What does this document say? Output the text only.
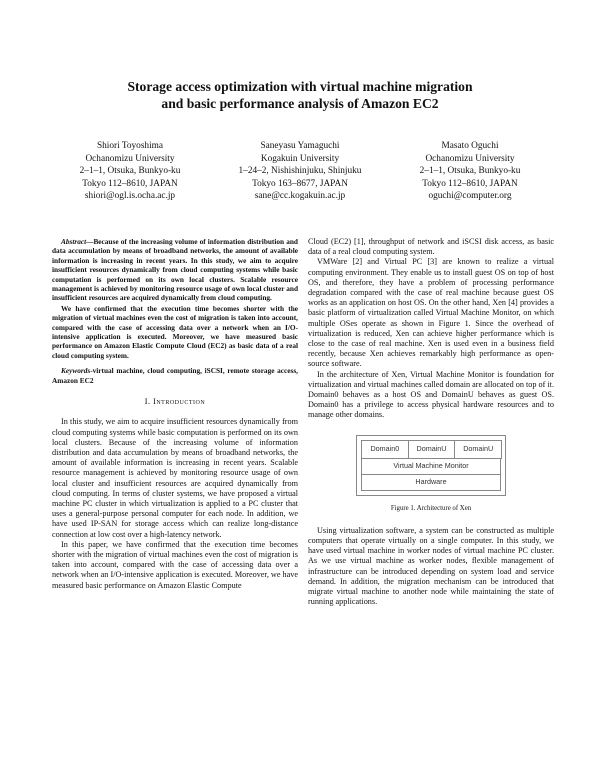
Storage access optimization with virtual machine migration
and basic performance analysis of Amazon EC2
Shiori Toyoshima
Ochanomizu University
2–1–1, Otsuka, Bunkyo-ku
Tokyo 112–8610, JAPAN
shiori@ogl.is.ocha.ac.jp
Saneyasu Yamaguchi
Kogakuin University
1–24–2, Nishishinjuku, Shinjuku
Tokyo 163–8677, JAPAN
sane@cc.kogakuin.ac.jp
Masato Oguchi
Ochanomizu University
2–1–1, Otsuka, Bunkyo-ku
Tokyo 112–8610, JAPAN
oguchi@computer.org

Abstract—Because of the increasing volume of information distribution and data accumulation by means of broadband networks, the amount of available information is increasing in recent years. In this study, we aim to acquire insufficient resources dynamically from cloud computing systems while basic computation is performed on its own local clusters. Scalable resource management is achieved by monitoring resource usage of own local cluster and insufficient resources are acquired dynamically from cloud computing.

We have confirmed that the execution time becomes shorter with the migration of virtual machines even the cost of migration is taken into account, compared with the case of accessing data over a network when an I/O-intensive application is executed. Moreover, we have measured basic performance on Amazon Elastic Compute Cloud (EC2) as basic data of a real cloud computing system.

Keywords-virtual machine, cloud computing, iSCSI, remote storage access, Amazon EC2

I. Introduction

In this study, we aim to acquire insufficient resources dynamically from cloud computing systems while basic computation is performed on its own local clusters. Because of the increasing volume of information distribution and data accumulation by means of broadband networks, the amount of available information is increasing in recent years. Scalable resource management is achieved by monitoring resource usage of own local cluster and insufficient resources are acquired dynamically from cloud computing. In terms of cluster systems, we have proposed a virtual machine PC cluster in which virtualization is applied to a PC cluster that uses a general-purpose personal computer for each node. In addition, we have used IP-SAN for storage access which can realize long-distance connection at low cost over a high-latency network.

In this paper, we have confirmed that the execution time becomes shorter with the migration of virtual machines even the cost of migration is taken into account, compared with the case of accessing data over a network when an I/O-intensive application is executed. Moreover, we have measured basic performance on Amazon Elastic Compute

Cloud (EC2) [1], throughput of network and iSCSI disk access, as basic data of a real cloud computing system.

VMWare [2] and Virtual PC [3] are known to realize a virtual computing environment. They enable us to install guest OS on top of host OS, and therefore, they have a problem of processing performance degradation compared with the case of real machine because guest OS works as an application on host OS. On the other hand, Xen [4] provides a basic platform of virtualization called Virtual Machine Monitor, on which multiple OSes operate as shown in Figure 1. Since the overhead of virtualization is reduced, Xen can achieve higher performance which is close to the case of real machine. Xen is used even in a business field recently, because Xen achieves remarkably high performance as open-source software.

In the architecture of Xen, Virtual Machine Monitor is foundation for virtualization and virtual machines called domain are allocated on top of it. Domain0 behaves as a host OS and DomainU behaves as guest OS. Domain0 has a privilege to access physical hardware resources and to manage other domains.

Domain0	DomainU	DomainU
Virtual Machine Monitor
Hardware
Figure 1. Architecture of Xen

Using virtualization software, a system can be constructed as multiple computers that operate virtually on a single computer. In this study, we have used virtual machine in worker nodes of virtual machine PC cluster. As we use virtual machine as worker nodes, flexible management of infrastructure can be introduced depending on system load and service demand. In addition, the migration mechanism can be introduced that migrate virtual machine to another node while maintaining the state of running applications.
